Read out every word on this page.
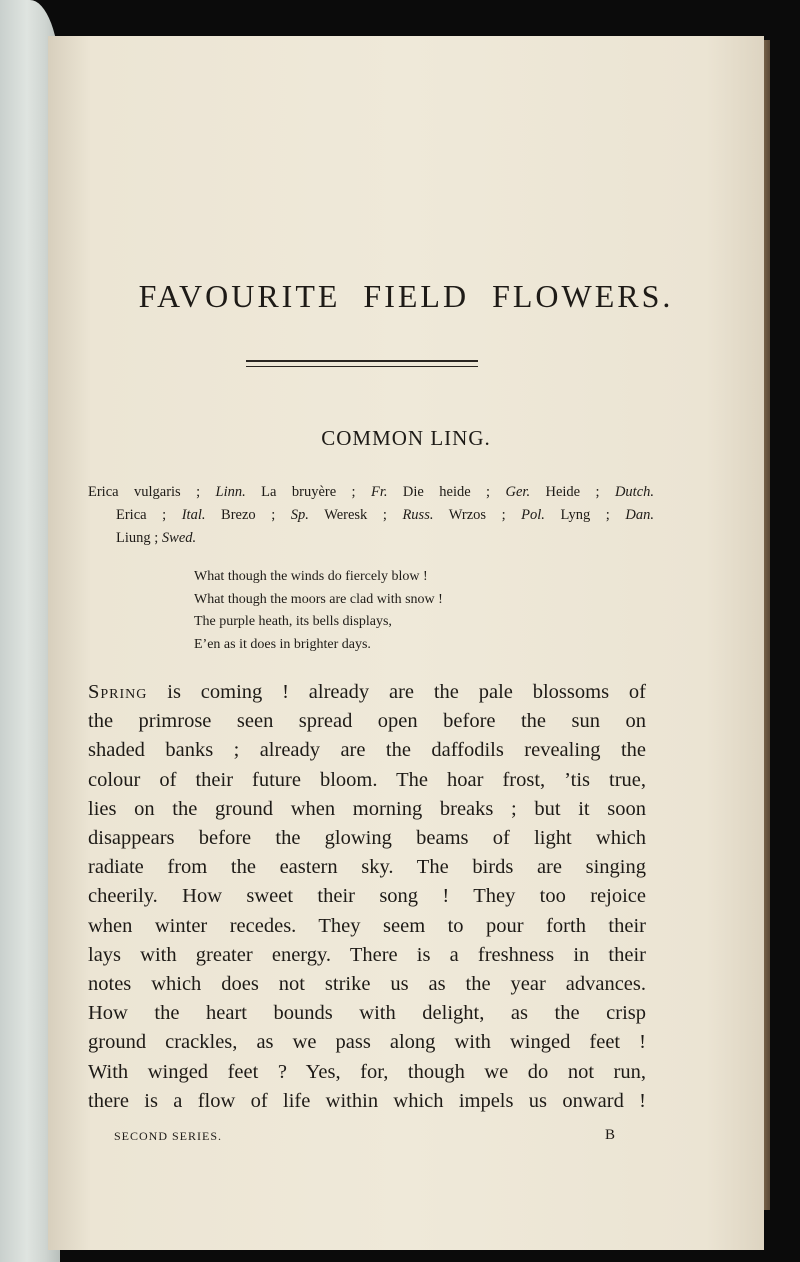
FAVOURITE FIELD FLOWERS.
COMMON LING.
Erica vulgaris ; Linn. La bruyère ; Fr. Die heide ; Ger. Heide ; Dutch.
Erica ; Ital. Brezo ; Sp. Weresk ; Russ. Wrzos ; Pol. Lyng ; Dan.
Liung ; Swed.
What though the winds do fiercely blow !
What though the moors are clad with snow !
The purple heath, its bells displays,
E’en as it does in brighter days.
Spring is coming ! already are the pale blossoms of
the primrose seen spread open before the sun on
shaded banks ; already are the daffodils revealing the
colour of their future bloom. The hoar frost, ’tis true,
lies on the ground when morning breaks ; but it soon
disappears before the glowing beams of light which
radiate from the eastern sky. The birds are singing
cheerily. How sweet their song ! They too rejoice
when winter recedes. They seem to pour forth their
lays with greater energy. There is a freshness in their
notes which does not strike us as the year advances.
How the heart bounds with delight, as the crisp
ground crackles, as we pass along with winged feet !
With winged feet ? Yes, for, though we do not run,
there is a flow of life within which impels us onward !
SECOND SERIES.	B
